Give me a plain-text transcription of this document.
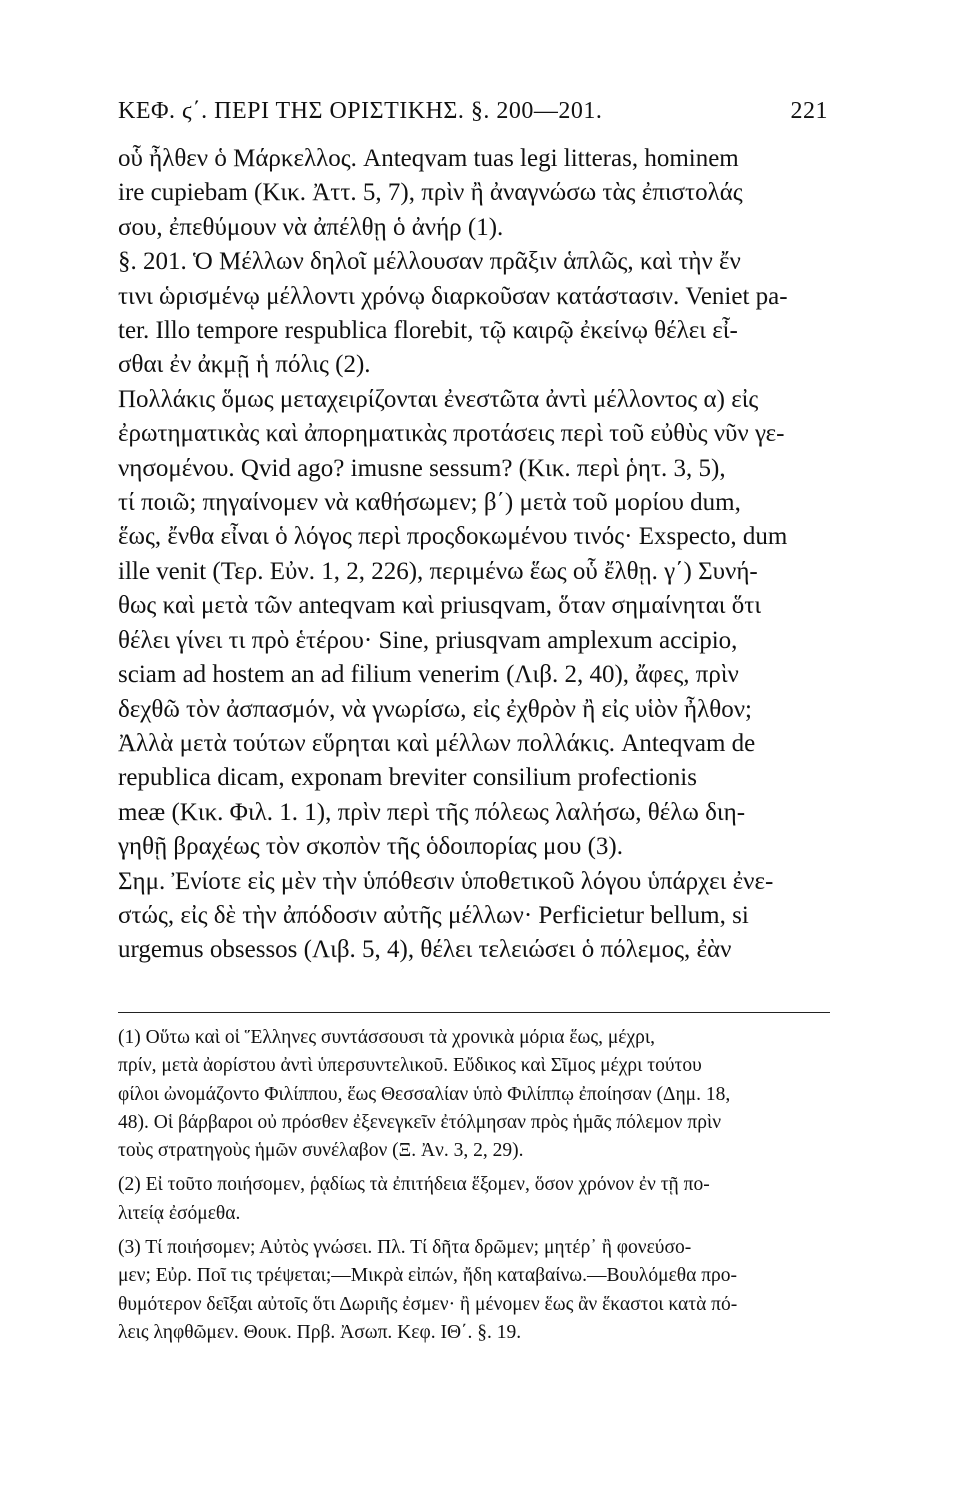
ΚΕΦ. ϛ΄. ΠΕΡΙ ΤΗΣ ΟΡΙΣΤΙΚΗΣ. §. 200—201.	221
οὗ ἦλθεν ὁ Μάρκελλος. Anteqvam tuas legi litteras, hominem
ire cupiebam (Κικ. Ἀττ. 5, 7), πρὶν ἢ ἀναγνώσω τὰς ἐπιστολάς
σου, ἐπεθύμουν νὰ ἀπέλθῃ ὁ ἀνήρ (1).
§. 201. Ὁ Μέλλων δηλοῖ μέλλουσαν πρᾶξιν ἁπλῶς, καὶ τὴν ἔν
τινι ὡρισμένῳ μέλλοντι χρόνῳ διαρκοῦσαν κατάστασιν. Veniet pa-
ter. Illo tempore respublica florebit, τῷ καιρῷ ἐκείνῳ θέλει εἶ-
σθαι ἐν ἀκμῇ ἡ πόλις (2).
Πολλάκις ὅμως μεταχειρίζονται ἐνεστῶτα ἀντὶ μέλλοντος α) εἰς
ἐρωτηματικὰς καὶ ἀπορηματικὰς προτάσεις περὶ τοῦ εὐθὺς νῦν γε-
νησομένου. Qvid ago? imusne sessum? (Κικ. περὶ ῥητ. 3, 5),
τί ποιῶ; πηγαίνομεν νὰ καθήσωμεν; β΄) μετὰ τοῦ μορίου dum,
ἕως, ἔνθα εἶναι ὁ λόγος περὶ προςδοκωμένου τινός· Exspecto, dum
ille venit (Τερ. Εὐν. 1, 2, 226), περιμένω ἕως οὗ ἔλθῃ. γ΄) Συνή-
θως καὶ μετὰ τῶν anteqvam καὶ priusqvam, ὅταν σημαίνηται ὅτι
θέλει γίνει τι πρὸ ἑτέρου· Sine, priusqvam amplexum accipio,
sciam ad hostem an ad filium venerim (Λιβ. 2, 40), ἄφες, πρὶν
δεχθῶ τὸν ἀσπασμόν, νὰ γνωρίσω, εἰς ἐχθρὸν ἢ εἰς υἱὸν ἦλθον;
Ἀλλὰ μετὰ τούτων εὕρηται καὶ μέλλων πολλάκις. Anteqvam de
republica dicam, exponam breviter consilium profectionis
meæ (Κικ. Φιλ. 1. 1), πρὶν περὶ τῆς πόλεως λαλήσω, θέλω διη-
γηθῇ βραχέως τὸν σκοπὸν τῆς ὁδοιπορίας μου (3).
Σημ. Ἐνίοτε εἰς μὲν τὴν ὑπόθεσιν ὑποθετικοῦ λόγου ὑπάρχει ἐνε-
στώς, εἰς δὲ τὴν ἀπόδοσιν αὐτῆς μέλλων· Perficietur bellum, si
urgemus obsessos (Λιβ. 5, 4), θέλει τελειώσει ὁ πόλεμος, ἐὰν
(1) Οὕτω καὶ οἱ Ἕλληνες συντάσσουσι τὰ χρονικὰ μόρια ἕως, μέχρι,
πρίν, μετὰ ἀορίστου ἀντὶ ὑπερσυντελικοῦ. Εὔδικος καὶ Σῖμος μέχρι τούτου
φίλοι ὠνομάζοντο Φιλίππου, ἕως Θεσσαλίαν ὑπὸ Φιλίππῳ ἐποίησαν (Δημ. 18,
48). Οἱ βάρβαροι οὐ πρόσθεν ἐξενεγκεῖν ἐτόλμησαν πρὸς ἡμᾶς πόλεμον πρὶν
τοὺς στρατηγοὺς ἡμῶν συνέλαβον (Ξ. Ἀν. 3, 2, 29).
(2) Εἰ τοῦτο ποιήσομεν, ῥᾳδίως τὰ ἐπιτήδεια ἕξομεν, ὅσον χρόνον ἐν τῇ πο-
λιτείᾳ ἐσόμεθα.
(3) Τί ποιήσομεν; Αὐτὸς γνώσει. Πλ. Τί δῆτα δρῶμεν; μητέρ᾽ ἢ φονεύσο-
μεν; Εὐρ. Ποῖ τις τρέψεται;—Μικρὰ εἰπών, ἤδη καταβαίνω.—Βουλόμεθα προ-
θυμότερον δεῖξαι αὐτοῖς ὅτι Δωριῆς ἐσμεν· ἢ μένομεν ἕως ἂν ἕκαστοι κατὰ πό-
λεις ληφθῶμεν. Θουκ. Πρβ. Ἀσωπ. Κεφ. ΙΘ΄. §. 19.
